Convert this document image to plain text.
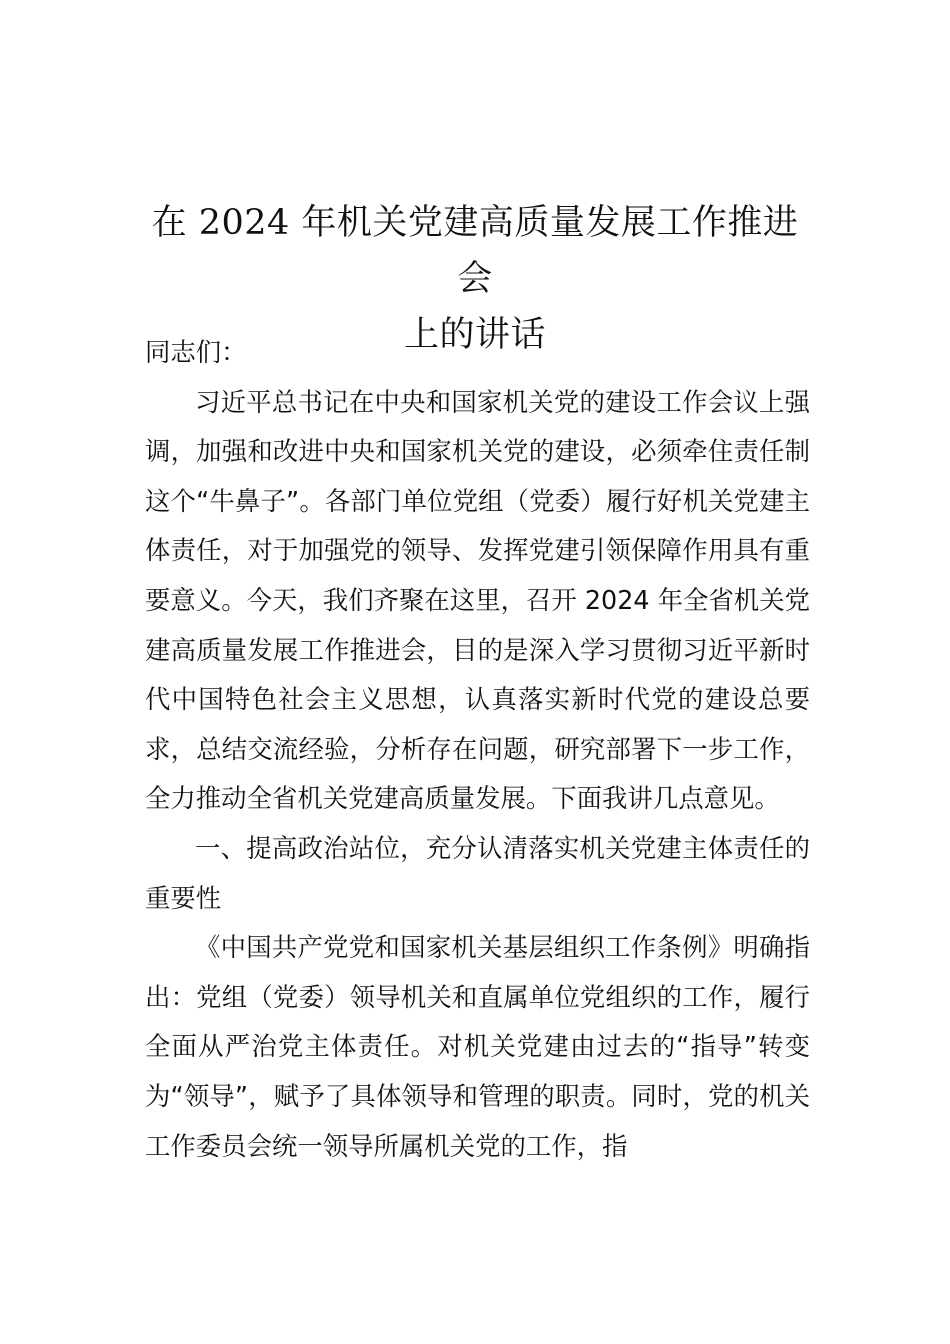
在 2024 年机关党建高质量发展工作推进会
上的讲话

同志们：

习近平总书记在中央和国家机关党的建设工作会议上强调，加强和改进中央和国家机关党的建设，必须牵住责任制这个“牛鼻子”。各部门单位党组（党委）履行好机关党建主体责任，对于加强党的领导、发挥党建引领保障作用具有重要意义。今天，我们齐聚在这里，召开 2024 年全省机关党建高质量发展工作推进会，目的是深入学习贯彻习近平新时代中国特色社会主义思想，认真落实新时代党的建设总要求，总结交流经验，分析存在问题，研究部署下一步工作，全力推动全省机关党建高质量发展。下面我讲几点意见。

一、提高政治站位，充分认清落实机关党建主体责任的重要性

《中国共产党党和国家机关基层组织工作条例》明确指出：党组（党委）领导机关和直属单位党组织的工作，履行全面从严治党主体责任。对机关党建由过去的“指导”转变为“领导”，赋予了具体领导和管理的职责。同时，党的机关工作委员会统一领导所属机关党的工作，指
